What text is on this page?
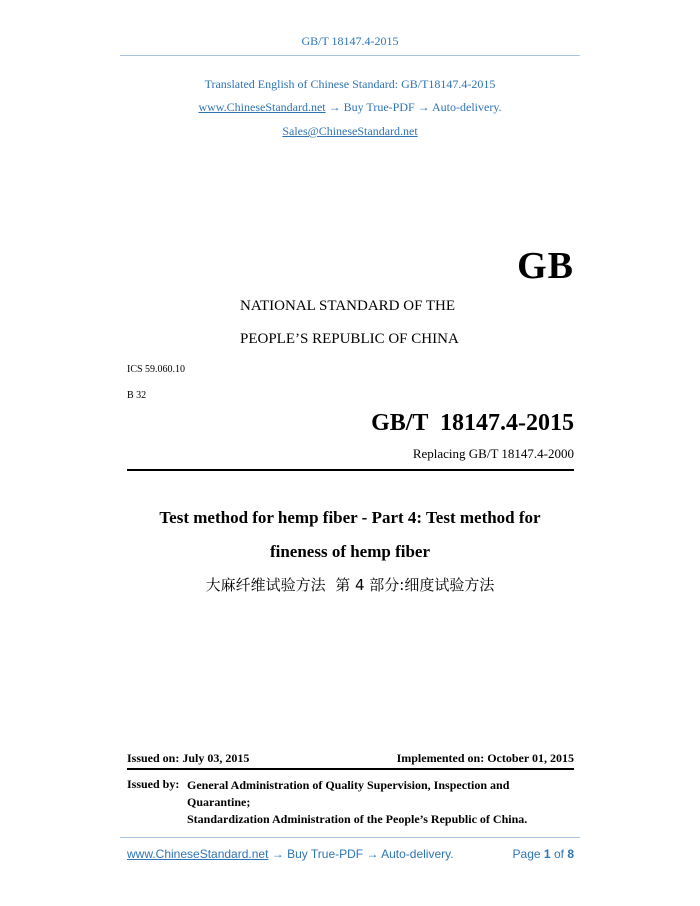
GB/T 18147.4-2015
Translated English of Chinese Standard: GB/T18147.4-2015
www.ChineseStandard.net → Buy True-PDF → Auto-delivery.
Sales@ChineseStandard.net
GB
NATIONAL STANDARD OF THE
PEOPLE’S REPUBLIC OF CHINA
ICS 59.060.10
B 32
GB/T  18147.4-2015
Replacing GB/T 18147.4-2000
Test method for hemp fiber - Part 4: Test method for
fineness of hemp fiber
大麻纤维试验方法  第 4 部分:细度试验方法
Issued on: July 03, 2015	Implemented on: October 01, 2015
Issued by: General Administration of Quality Supervision, Inspection and
Quarantine;
Standardization Administration of the People’s Republic of China.
www.ChineseStandard.net → Buy True-PDF → Auto-delivery.	Page 1 of 8
